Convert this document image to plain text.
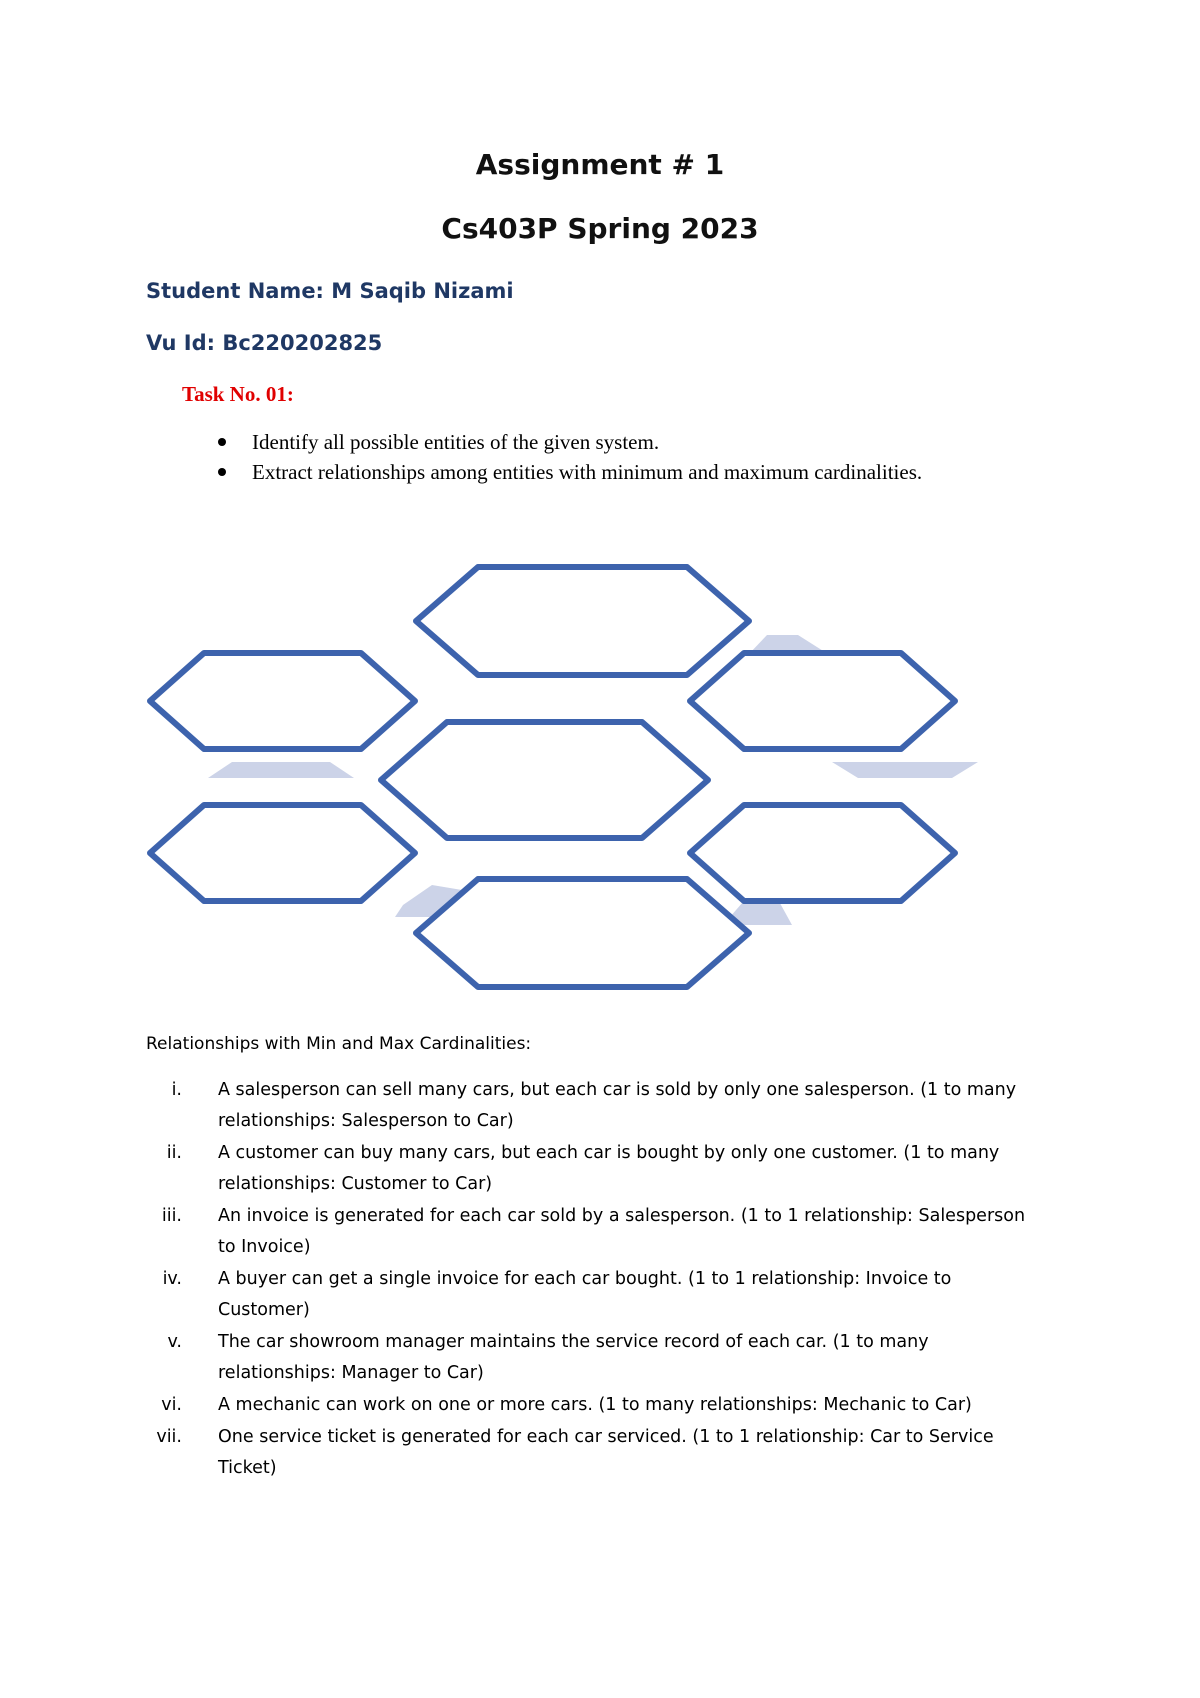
Assignment # 1
Cs403P Spring 2023
Student Name: M Saqib Nizami
Vu Id: Bc220202825
Task No. 01:
Identify all possible entities of the given system.
Extract relationships among entities with minimum and maximum cardinalities.
Relationships with Min and Max Cardinalities:
i. A salesperson can sell many cars, but each car is sold by only one salesperson. (1 to many relationships: Salesperson to Car)
ii. A customer can buy many cars, but each car is bought by only one customer. (1 to many relationships: Customer to Car)
iii. An invoice is generated for each car sold by a salesperson. (1 to 1 relationship: Salesperson to Invoice)
iv. A buyer can get a single invoice for each car bought. (1 to 1 relationship: Invoice to Customer)
v. The car showroom manager maintains the service record of each car. (1 to many relationships: Manager to Car)
vi. A mechanic can work on one or more cars. (1 to many relationships: Mechanic to Car)
vii. One service ticket is generated for each car serviced. (1 to 1 relationship: Car to Service Ticket)
